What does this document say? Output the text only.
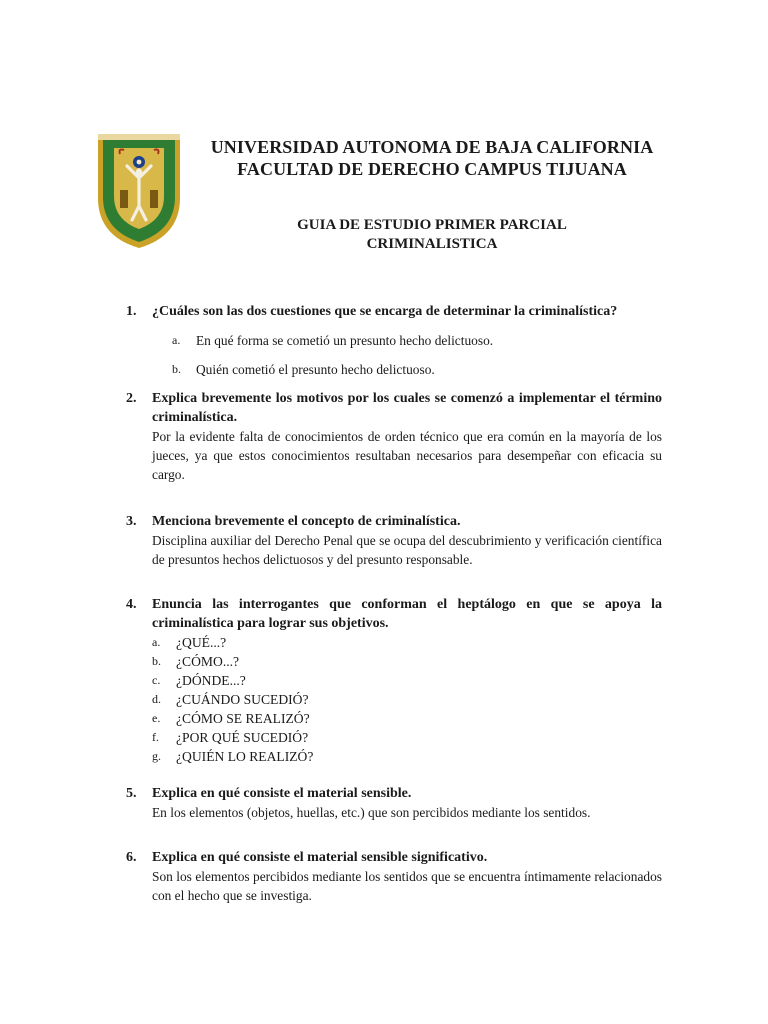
UNIVERSIDAD AUTONOMA DE BAJA CALIFORNIA
FACULTAD DE DERECHO CAMPUS TIJUANA
GUIA DE ESTUDIO PRIMER PARCIAL
CRIMINALISTICA
1. ¿Cuáles son las dos cuestiones que se encarga de determinar la criminalística?
a. En qué forma se cometió un presunto hecho delictuoso.
b. Quién cometió el presunto hecho delictuoso.
2. Explica brevemente los motivos por los cuales se comenzó a implementar el término criminalística.
Por la evidente falta de conocimientos de orden técnico que era común en la mayoría de los jueces, ya que estos conocimientos resultaban necesarios para desempeñar con eficacia su cargo.
3. Menciona brevemente el concepto de criminalística.
Disciplina auxiliar del Derecho Penal que se ocupa del descubrimiento y verificación científica de presuntos hechos delictuosos y del presunto responsable.
4. Enuncia las interrogantes que conforman el heptálogo en que se apoya la criminalística para lograr sus objetivos.
a. ¿QUÉ...?
b. ¿CÓMO...?
c. ¿DÓNDE...?
d. ¿CUÁNDO SUCEDIÓ?
e. ¿CÓMO SE REALIZÓ?
f. ¿POR QUÉ SUCEDIÓ?
g. ¿QUIÉN LO REALIZÓ?
5. Explica en qué consiste el material sensible.
En los elementos (objetos, huellas, etc.) que son percibidos mediante los sentidos.
6. Explica en qué consiste el material sensible significativo.
Son los elementos percibidos mediante los sentidos que se encuentra íntimamente relacionados con el hecho que se investiga.
